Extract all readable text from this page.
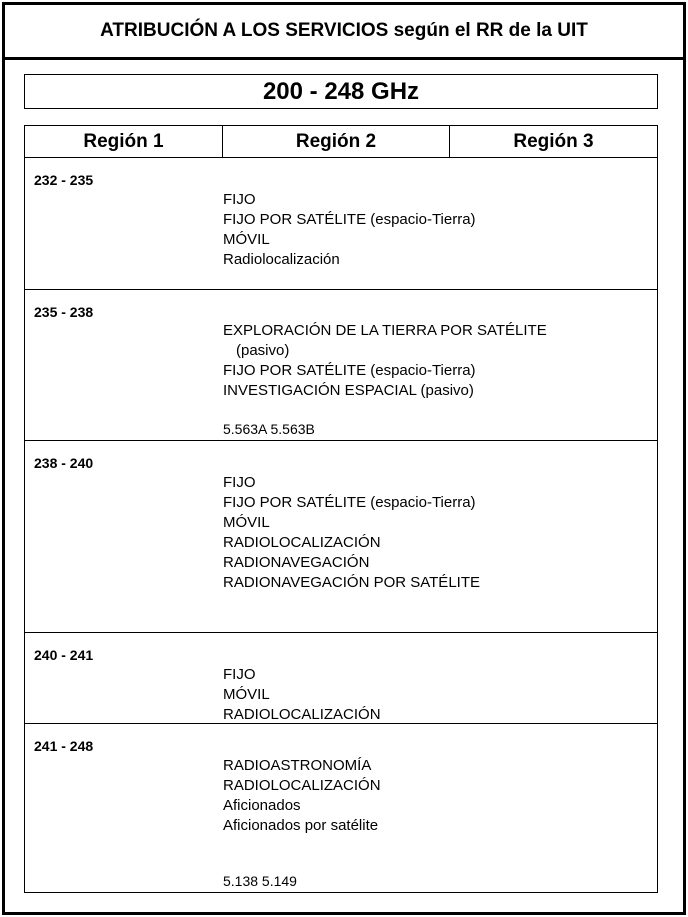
ATRIBUCIÓN A LOS SERVICIOS según el RR de la UIT
200 - 248 GHz
Región 1	Región 2	Región 3
232 - 235
FIJO
FIJO POR SATÉLITE (espacio-Tierra)
MÓVIL
Radiolocalización
235 - 238
EXPLORACIÓN DE LA TIERRA POR SATÉLITE
(pasivo)
FIJO POR SATÉLITE (espacio-Tierra)
INVESTIGACIÓN ESPACIAL (pasivo)
5.563A 5.563B
238 - 240
FIJO
FIJO POR SATÉLITE (espacio-Tierra)
MÓVIL
RADIOLOCALIZACIÓN
RADIONAVEGACIÓN
RADIONAVEGACIÓN POR SATÉLITE
240 - 241
FIJO
MÓVIL
RADIOLOCALIZACIÓN
241 - 248
RADIOASTRONOMÍA
RADIOLOCALIZACIÓN
Aficionados
Aficionados por satélite
5.138 5.149
